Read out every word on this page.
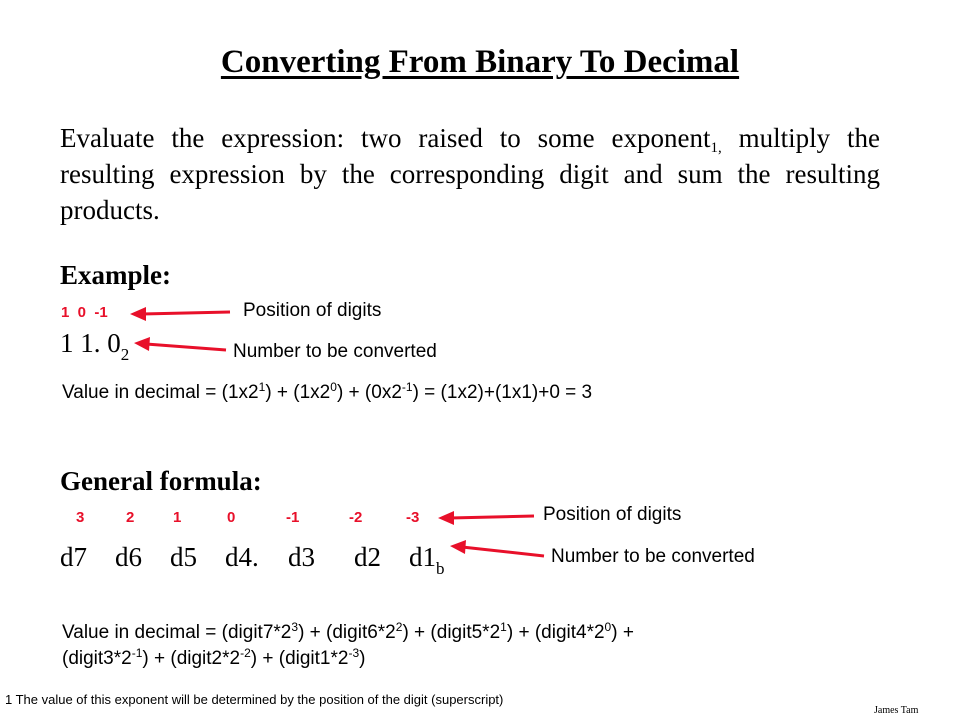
Converting From Binary To Decimal
Evaluate the expression: two raised to some exponent$_{1,}$ multiply the resulting expression by the corresponding digit and sum the resulting products.
Example:
1  0  -1	Position of digits
1 1. $0_2$	Number to be converted
Value in decimal = $(1x2^1) + (1x2^0) + (0x2^{-1}) = (1x2)+(1x1)+0 = 3$
General formula:
3	2	1	0	-1	-2	-3	Position of digits
d7 d6 d5 d4. d3 d2 $d1_b$
Number to be converted
Value in decimal = $(digit7*2^3)$ + $(digit6*2^2)$ + $(digit5*2^1)$ + $(digit4*2^0)$ +
$(digit3*2^{-1})$ + $(digit2*2^{-2})$ + $(digit1*2^{-3})$
1 The value of this exponent will be determined by the position of the digit (superscript)
James Tam
